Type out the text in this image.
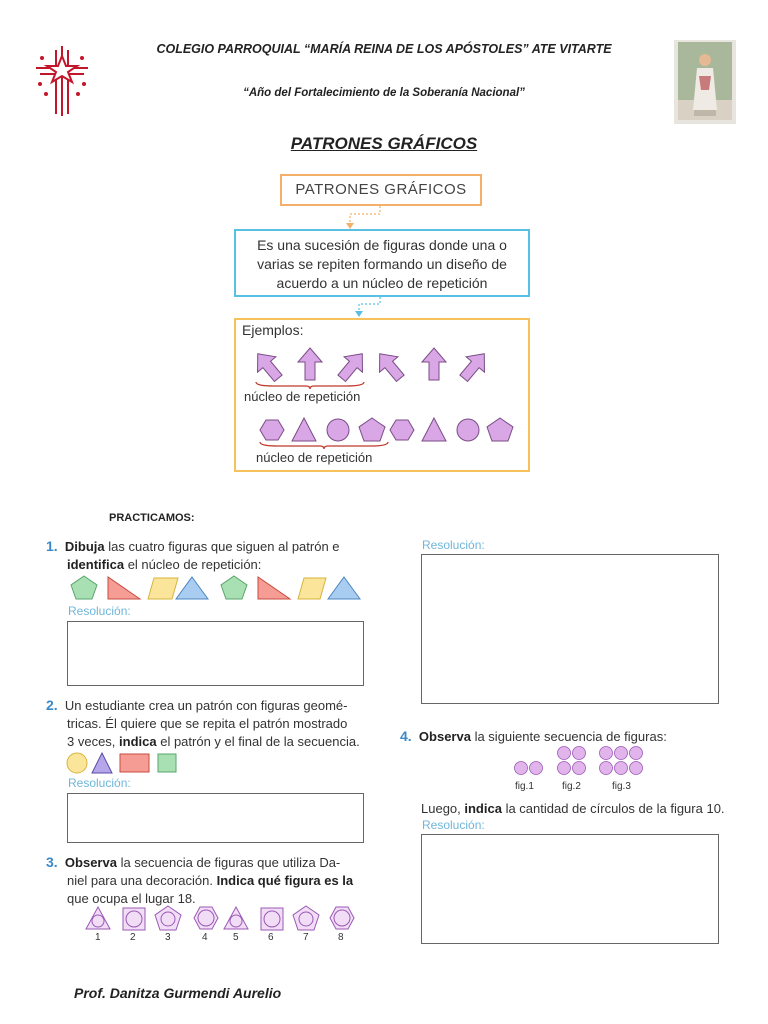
COLEGIO PARROQUIAL “MARÍA REINA DE LOS APÓSTOLES” ATE VITARTE
“Año del Fortalecimiento de la Soberanía Nacional”
PATRONES GRÁFICOS
PATRONES GRÁFICOS
Es una sucesión de figuras donde una o
varias se repiten formando un diseño de
acuerdo a un núcleo de repetición
Ejemplos:
núcleo de repetición
núcleo de repetición
PRACTICAMOS:
1. Dibuja las cuatro figuras que siguen al patrón e
identifica el núcleo de repetición:
Resolución:
2. Un estudiante crea un patrón con figuras geomé-
tricas. Él quiere que se repita el patrón mostrado
3 veces, indica el patrón y el final de la secuencia.
Resolución:
3. Observa la secuencia de figuras que utiliza Da-
niel para una decoración. Indica qué figura es la
que ocupa el lugar 18.
1	2	3	4	5	6	7	8
Resolución:
4. Observa la siguiente secuencia de figuras:
fig.1	fig.2	fig.3
Luego, indica la cantidad de círculos de la figura 10.
Resolución:
Prof. Danitza Gurmendi Aurelio
